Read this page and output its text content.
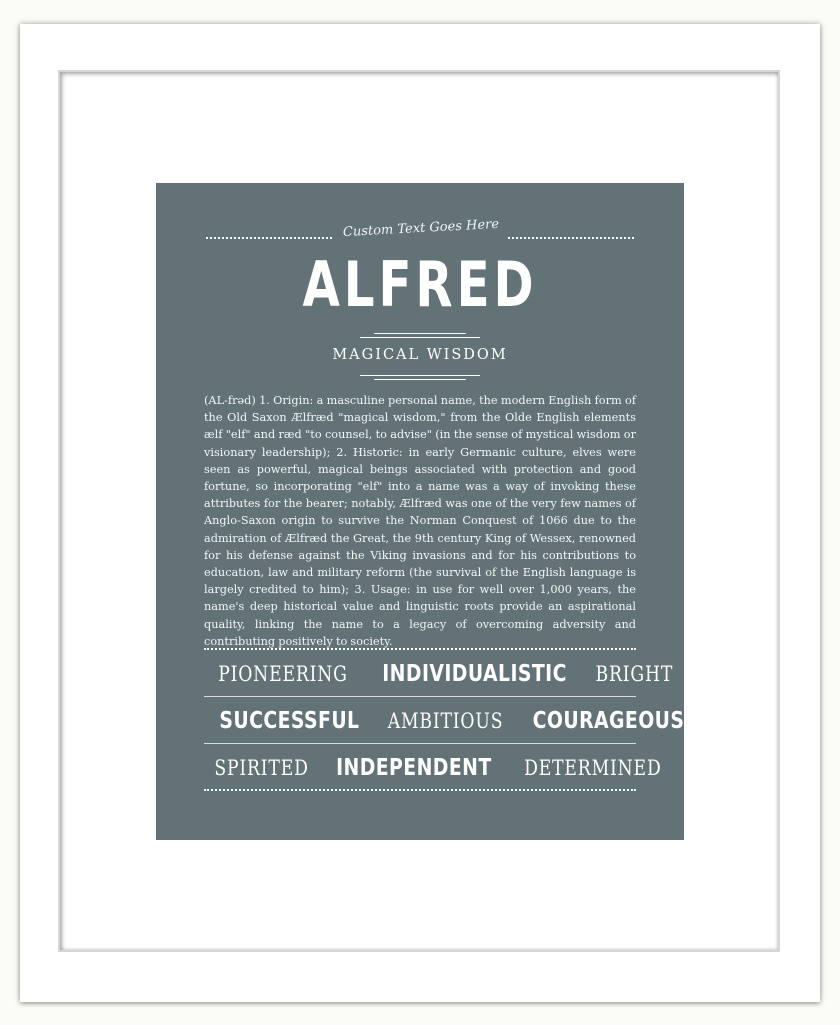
Custom Text Goes Here
ALFRED
MAGICAL WISDOM
(AL-frəd) 1. Origin: a masculine personal name, the modern English form of the Old Saxon Ælfræd "magical wisdom," from the Olde English elements ælf "elf" and ræd "to counsel, to advise" (in the sense of mystical wisdom or visionary leadership); 2. Historic: in early Germanic culture, elves were seen as powerful, magical beings associated with protection and good fortune, so incorporating "elf" into a name was a way of invoking these attributes for the bearer; notably, Ælfræd was one of the very few names of Anglo-Saxon origin to survive the Norman Conquest of 1066 due to the admiration of Ælfræd the Great, the 9th century King of Wessex, renowned for his defense against the Viking invasions and for his contributions to education, law and military reform (the survival of the English language is largely credited to him); 3. Usage: in use for well over 1,000 years, the name's deep historical value and linguistic roots provide an aspirational quality, linking the name to a legacy of overcoming adversity and contributing positively to society.
PIONEERING INDIVIDUALISTIC BRIGHT
SUCCESSFUL AMBITIOUS COURAGEOUS
SPIRITED INDEPENDENT DETERMINED
